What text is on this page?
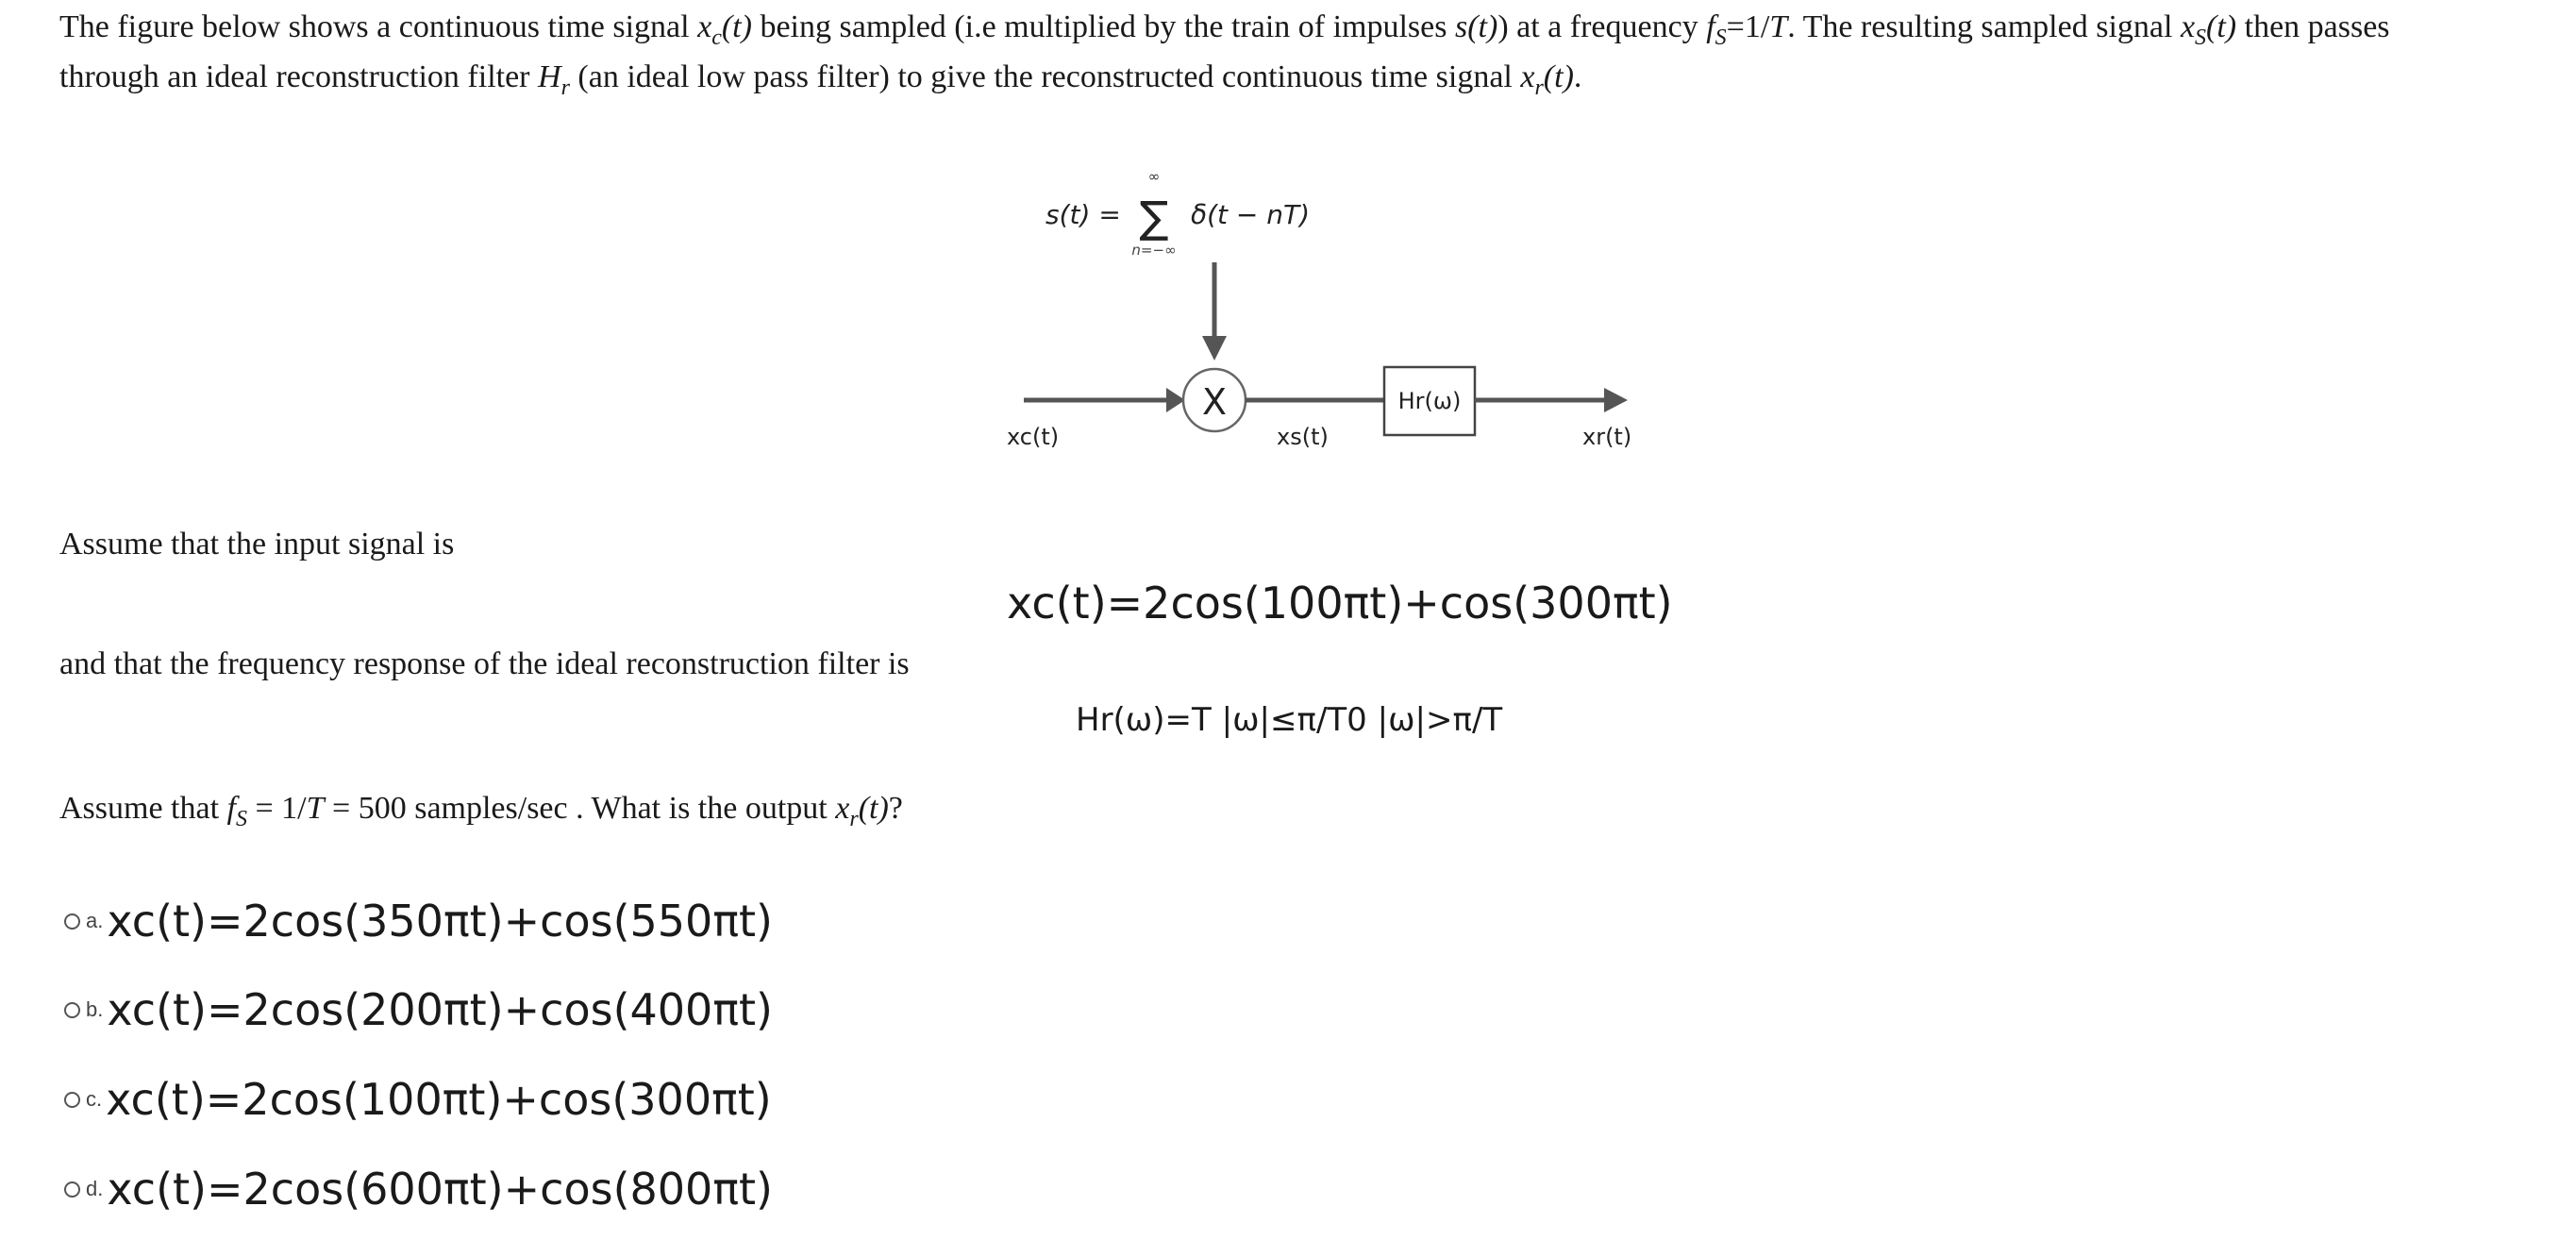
The figure below shows a continuous time signal $x_c(t)$ being sampled (i.e multiplied by the train of impulses s(t)) at a frequency $f_S=1/T$. The resulting sampled signal $x_S(t)$ then passes
through an ideal reconstruction filter $H_r$ (an ideal low pass filter) to give the reconstructed continuous time signal $x_r(t)$.
s(t) =
∞
∑
n=−∞
δ(t − nT)
X	Hr(ω)
xc(t)	xs(t)	xr(t)
Assume that the input signal is
xc(t)=2cos(100πt)+cos(300πt)
and that the frequency response of the ideal reconstruction filter is
Hr(ω)=T |ω|≤π/T0 |ω|>π/T
Assume that $f_S = 1/T = 500$ samples/sec . What is the output $x_r(t)$?
a. xc(t)=2cos(350πt)+cos(550πt)
b. xc(t)=2cos(200πt)+cos(400πt)
c. xc(t)=2cos(100πt)+cos(300πt)
d. xc(t)=2cos(600πt)+cos(800πt)
